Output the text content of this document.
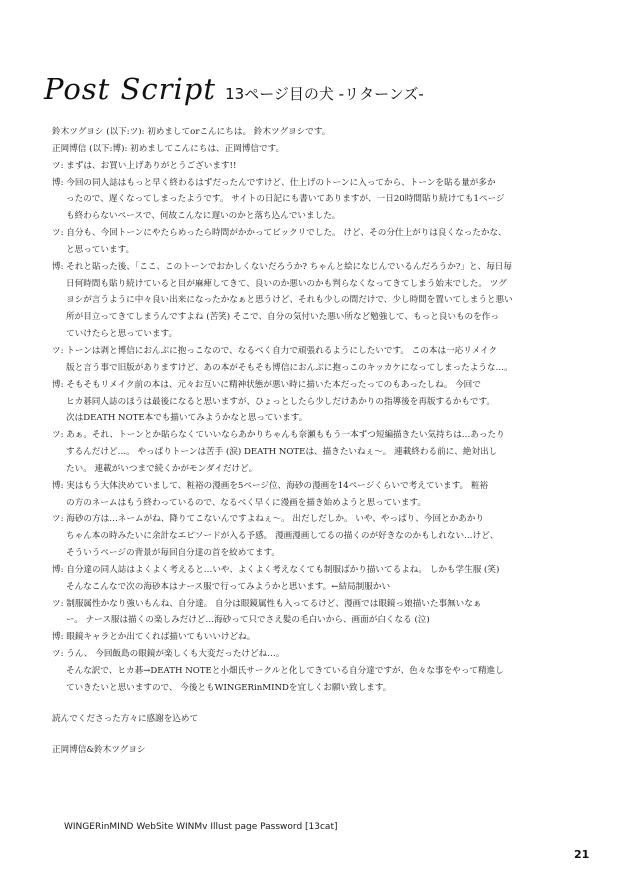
Post Script 13ページ目の犬 -リターンズ-
鈴木ツグヨシ (以下:ツ): 初めましてorこんにちは。 鈴木ツグヨシです。
正岡博信 (以下:博): 初めましてこんにちは、正岡博信です。
ツ: まずは、お買い上げありがとうございます!!
博: 今回の同人誌はもっと早く終わるはずだったんですけど、仕上げのトーンに入ってから、トーンを貼る量が多か
ったので、遅くなってしまったようです。 サイトの日記にも書いてありますが、一日20時間貼り続けても1ページ
も終わらないペースで、何故こんなに遅いのかと落ち込んでいました。
ツ: 自分も、今回トーンにやたらめったら時間がかかってビックリでした。 けど、その分仕上がりは良くなったかな、
と思っています。
博: それと貼った後、「ここ、このトーンでおかしくないだろうか? ちゃんと絵になじんでいるんだろうか?」と、毎日毎
日何時間も貼り続けていると目が麻痺してきて、良いのか悪いのかも判らなくなってきてしまう始末でした。 ツグ
ヨシが言うように中々良い出来になったかなぁと思うけど、それも少しの間だけで、少し時間を置いてしまうと悪い
所が目立ってきてしまうんですよね (苦笑) そこで、自分の気付いた悪い所など勉強して、もっと良いものを作っ
ていけたらと思っています。
ツ: トーンは剥と博信におんぶに抱っこなので、なるべく自力で頑張れるようにしたいです。 この本は一応リメイク
版と言う事で旧版がありますけど、あの本がそもそも博信におんぶに抱っこのキッカケになってしまったような…。
博: そもそもリメイク前の本は、元々お互いに精神状態が悪い時に描いた本だったってのもあったしね。 今回で
ヒカ碁同人誌のほうは最後になると思いますが、ひょっとしたら少しだけあかりの指導後を再版するかもです。
次はDEATH NOTE本でも描いてみようかなと思っています。
ツ: あぁ。それ、トーンとか貼らなくていいならあかりちゃんも奈瀬ももう一本ずつ短編描きたい気持ちは…あったり
するんだけど…。 やっぱりトーンは苦手 (涙) DEATH NOTEは、描きたいねぇ〜。 連載終わる前に、絶対出し
たい。 連載がいつまで続くかがモンダイだけど。
博: 実はもう大体決めていまして、粧裕の漫画を5ページ位、海砂の漫画を14ページくらいで考えています。 粧裕
の方のネームはもう終わっているので、なるべく早くに漫画を描き始めようと思っています。
ツ: 海砂の方は…ネームがね、降りてこないんですよねぇ〜。 出だしだしか。 いや、やっぱり、今回とかあかり
ちゃん本の時みたいに余計なエピソードが入る予感。 漫画漫画してるの描くのが好きなのかもしれない…けど、
そういうページの背景が毎回自分達の首を絞めてます。
博: 自分達の同人誌はよくよく考えると…いや、よくよく考えなくても制服ばかり描いてるよね。 しかも学生服 (笑)
そんなこんなで次の海砂本はナース服で行ってみようかと思います。←結局制服かい
ツ: 制服属性かなり強いもんね、自分達。 自分は眼鏡属性も入ってるけど、漫画では眼鏡っ娘描いた事無いなぁ
ー。 ナース服は描くの楽しみだけど…海砂って只でさえ髪の毛白いから、画面が白くなる (泣)
博: 眼鏡キャラとか出てくれば描いてもいいけどね。
ツ: うん、 今回飯島の眼鏡が楽しくも大変だったけどね…。
そんな訳で、ヒカ碁→DEATH NOTEと小畑氏サークルと化してきている自分達ですが、色々な事をやって精進し
ていきたいと思いますので、 今後ともWINGERinMINDを宜しくお願い致します。
読んでくださった方々に感謝を込めて
正岡博信&鈴木ツグヨシ
WINGERinMIND WebSite WINMv Illust page Password [13cat]
21
